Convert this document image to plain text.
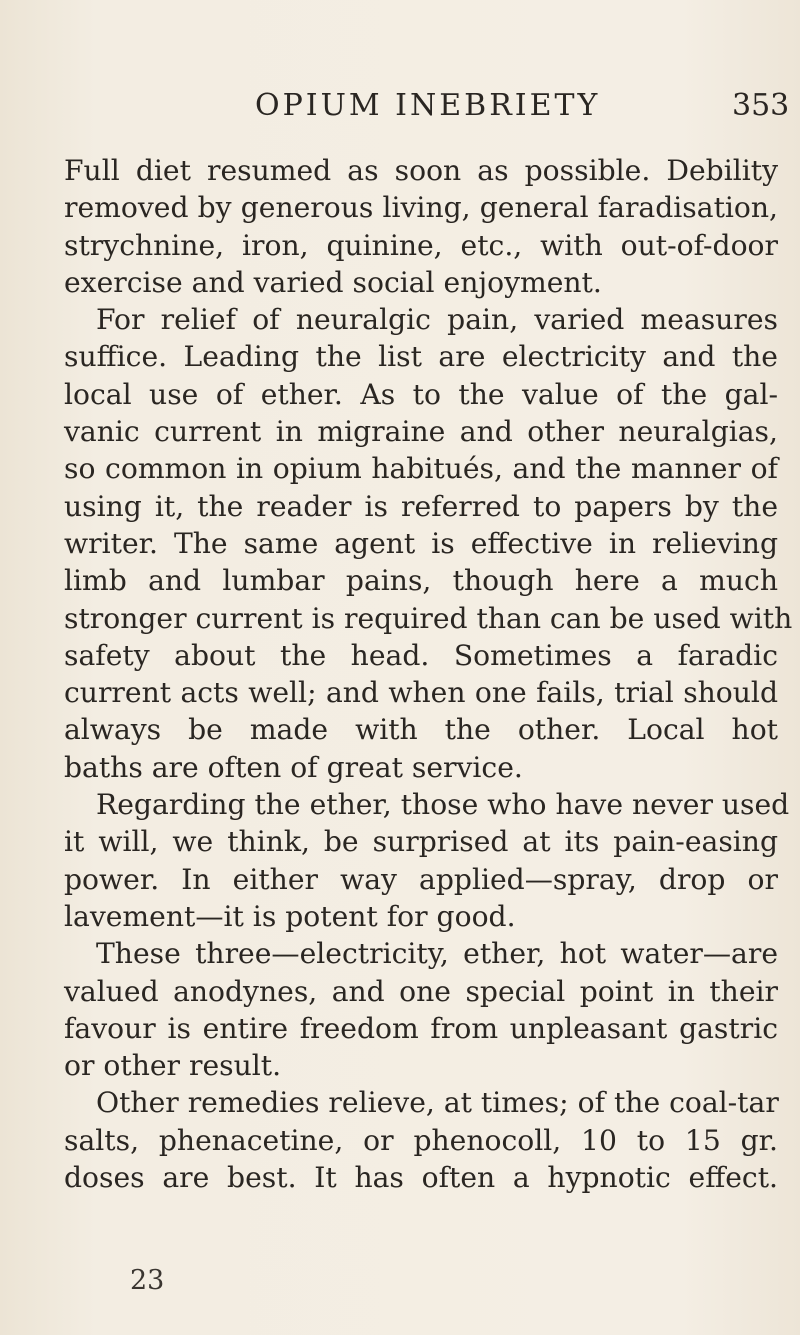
OPIUM INEBRIETY	353
Full diet resumed as soon as possible. Debility
removed by generous living, general faradisation,
strychnine, iron, quinine, etc., with out-of-door
exercise and varied social enjoyment.
For relief of neuralgic pain, varied measures
suffice. Leading the list are electricity and the
local use of ether. As to the value of the gal-
vanic current in migraine and other neuralgias,
so common in opium habitués, and the manner of
using it, the reader is referred to papers by the
writer. The same agent is effective in relieving
limb and lumbar pains, though here a much
stronger current is required than can be used with
safety about the head. Sometimes a faradic
current acts well; and when one fails, trial should
always be made with the other. Local hot
baths are often of great service.
Regarding the ether, those who have never used
it will, we think, be surprised at its pain-easing
power. In either way applied—spray, drop or
lavement—it is potent for good.
These three—electricity, ether, hot water—are
valued anodynes, and one special point in their
favour is entire freedom from unpleasant gastric
or other result.
Other remedies relieve, at times; of the coal-tar
salts, phenacetine, or phenocoll, 10 to 15 gr.
doses are best. It has often a hypnotic effect.
23
